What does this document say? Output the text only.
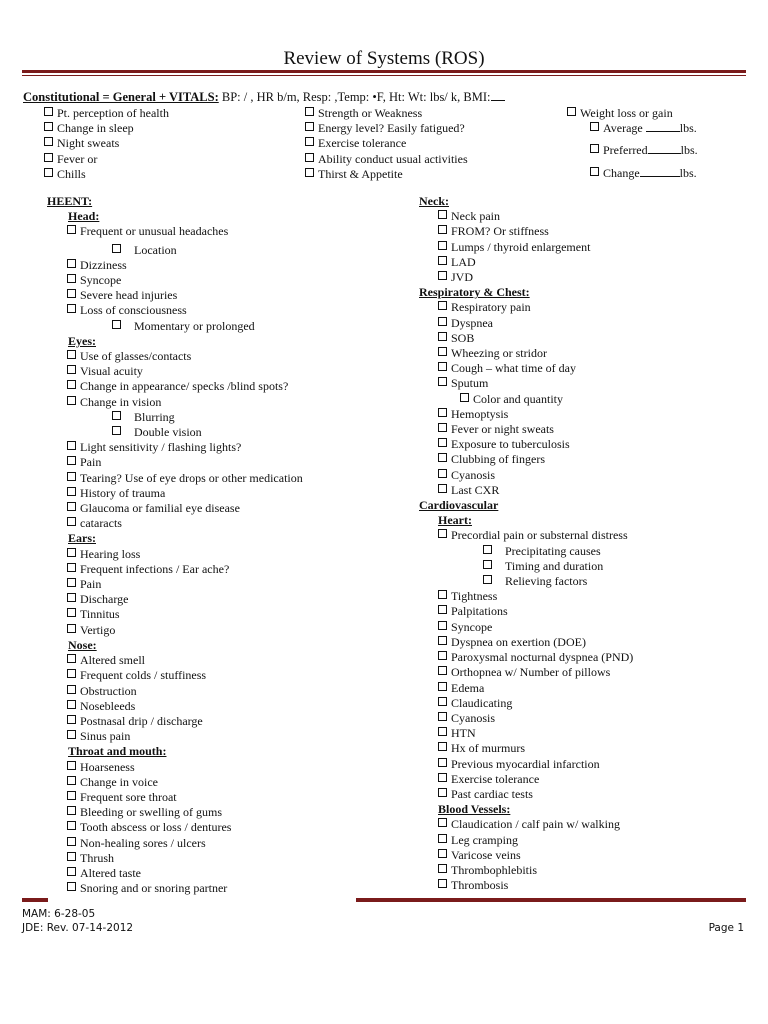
Review of Systems (ROS)
Constitutional = General + VITALS: BP: / , HR b/m, Resp: ,Temp: •F, Ht: Wt: lbs/ k, BMI:
Pt. perception of health
Change in sleep
Night sweats
Fever or
Chills
Strength or Weakness
Energy level? Easily fatigued?
Exercise tolerance
Ability conduct usual activities
Thirst & Appetite
Weight loss or gain
Average	lbs.
Preferred	lbs.
Change	lbs.
HEENT:
Head:
Frequent or unusual headaches
Location
Dizziness
Syncope
Severe head injuries
Loss of consciousness
Momentary or prolonged
Eyes:
Use of glasses/contacts
Visual acuity
Change in appearance/ specks /blind spots?
Change in vision
Blurring
Double vision
Light sensitivity / flashing lights?
Pain
Tearing? Use of eye drops or other medication
History of trauma
Glaucoma or familial eye disease
cataracts
Ears:
Hearing loss
Frequent infections / Ear ache?
Pain
Discharge
Tinnitus
Vertigo
Nose:
Altered smell
Frequent colds / stuffiness
Obstruction
Nosebleeds
Postnasal drip / discharge
Sinus pain
Throat and mouth:
Hoarseness
Change in voice
Frequent sore throat
Bleeding or swelling of gums
Tooth abscess or loss / dentures
Non-healing sores / ulcers
Thrush
Altered taste
Snoring and or snoring partner
Neck:
Neck pain
FROM? Or stiffness
Lumps / thyroid enlargement
LAD
JVD
Respiratory & Chest:
Respiratory pain
Dyspnea
SOB
Wheezing or stridor
Cough – what time of day
Sputum
Color and quantity
Hemoptysis
Fever or night sweats
Exposure to tuberculosis
Clubbing of fingers
Cyanosis
Last CXR
Cardiovascular
Heart:
Precordial pain or substernal distress
Precipitating causes
Timing and duration
Relieving factors
Tightness
Palpitations
Syncope
Dyspnea on exertion (DOE)
Paroxysmal nocturnal dyspnea (PND)
Orthopnea w/ Number of pillows
Edema
Claudicating
Cyanosis
HTN
Hx of murmurs
Previous myocardial infarction
Exercise tolerance
Past cardiac tests
Blood Vessels:
Claudication / calf pain w/ walking
Leg cramping
Varicose veins
Thrombophlebitis
Thrombosis
MAM: 6-28-05
JDE: Rev. 07-14-2012	Page 1
